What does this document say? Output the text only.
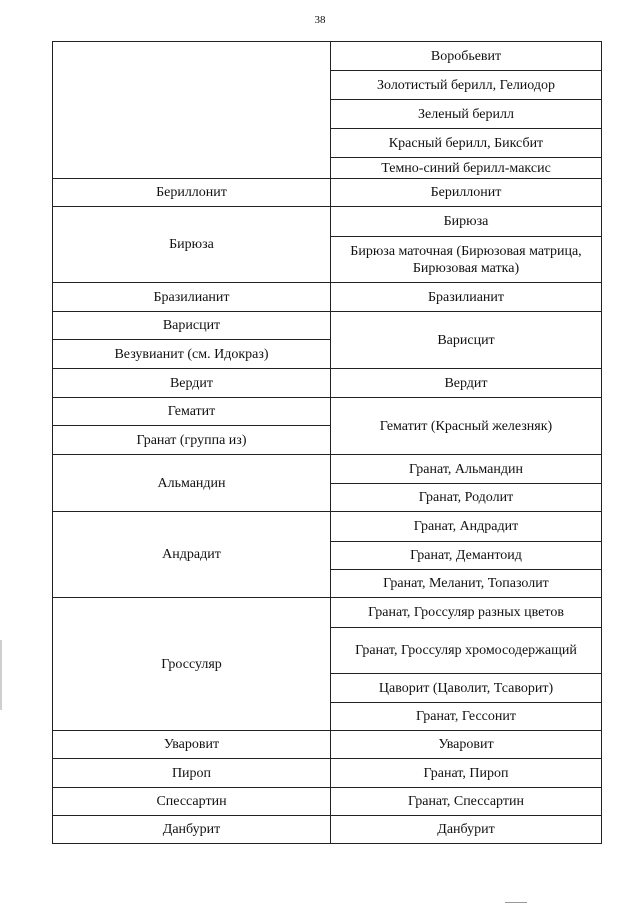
38
	Воробьевит
	Золотистый берилл, Гелиодор
	Зеленый берилл
	Красный берилл, Биксбит
	Темно-синий берилл-максис
Бериллонит	Бериллонит
Бирюза	Бирюза
	Бирюза маточная (Бирюзовая матрица, Бирюзовая матка)
Бразилианит	Бразилианит
Варисцит	Варисцит
Везувианит (см. Идокраз)	
Вердит	Вердит
Гематит	Гематит (Красный железняк)
Гранат (группа из)	
Альмандин	Гранат, Альмандин
	Гранат, Родолит
Андрадит	Гранат, Андрадит
	Гранат, Демантоид
	Гранат, Меланит, Топазолит
Гроссуляр	Гранат, Гроссуляр разных цветов
	Гранат, Гроссуляр хромосодержащий
	Цаворит (Цаволит, Тсаворит)
	Гранат, Гессонит
Уваровит	Уваровит
Пироп	Гранат, Пироп
Спессартин	Гранат, Спессартин
Данбурит	Данбурит
